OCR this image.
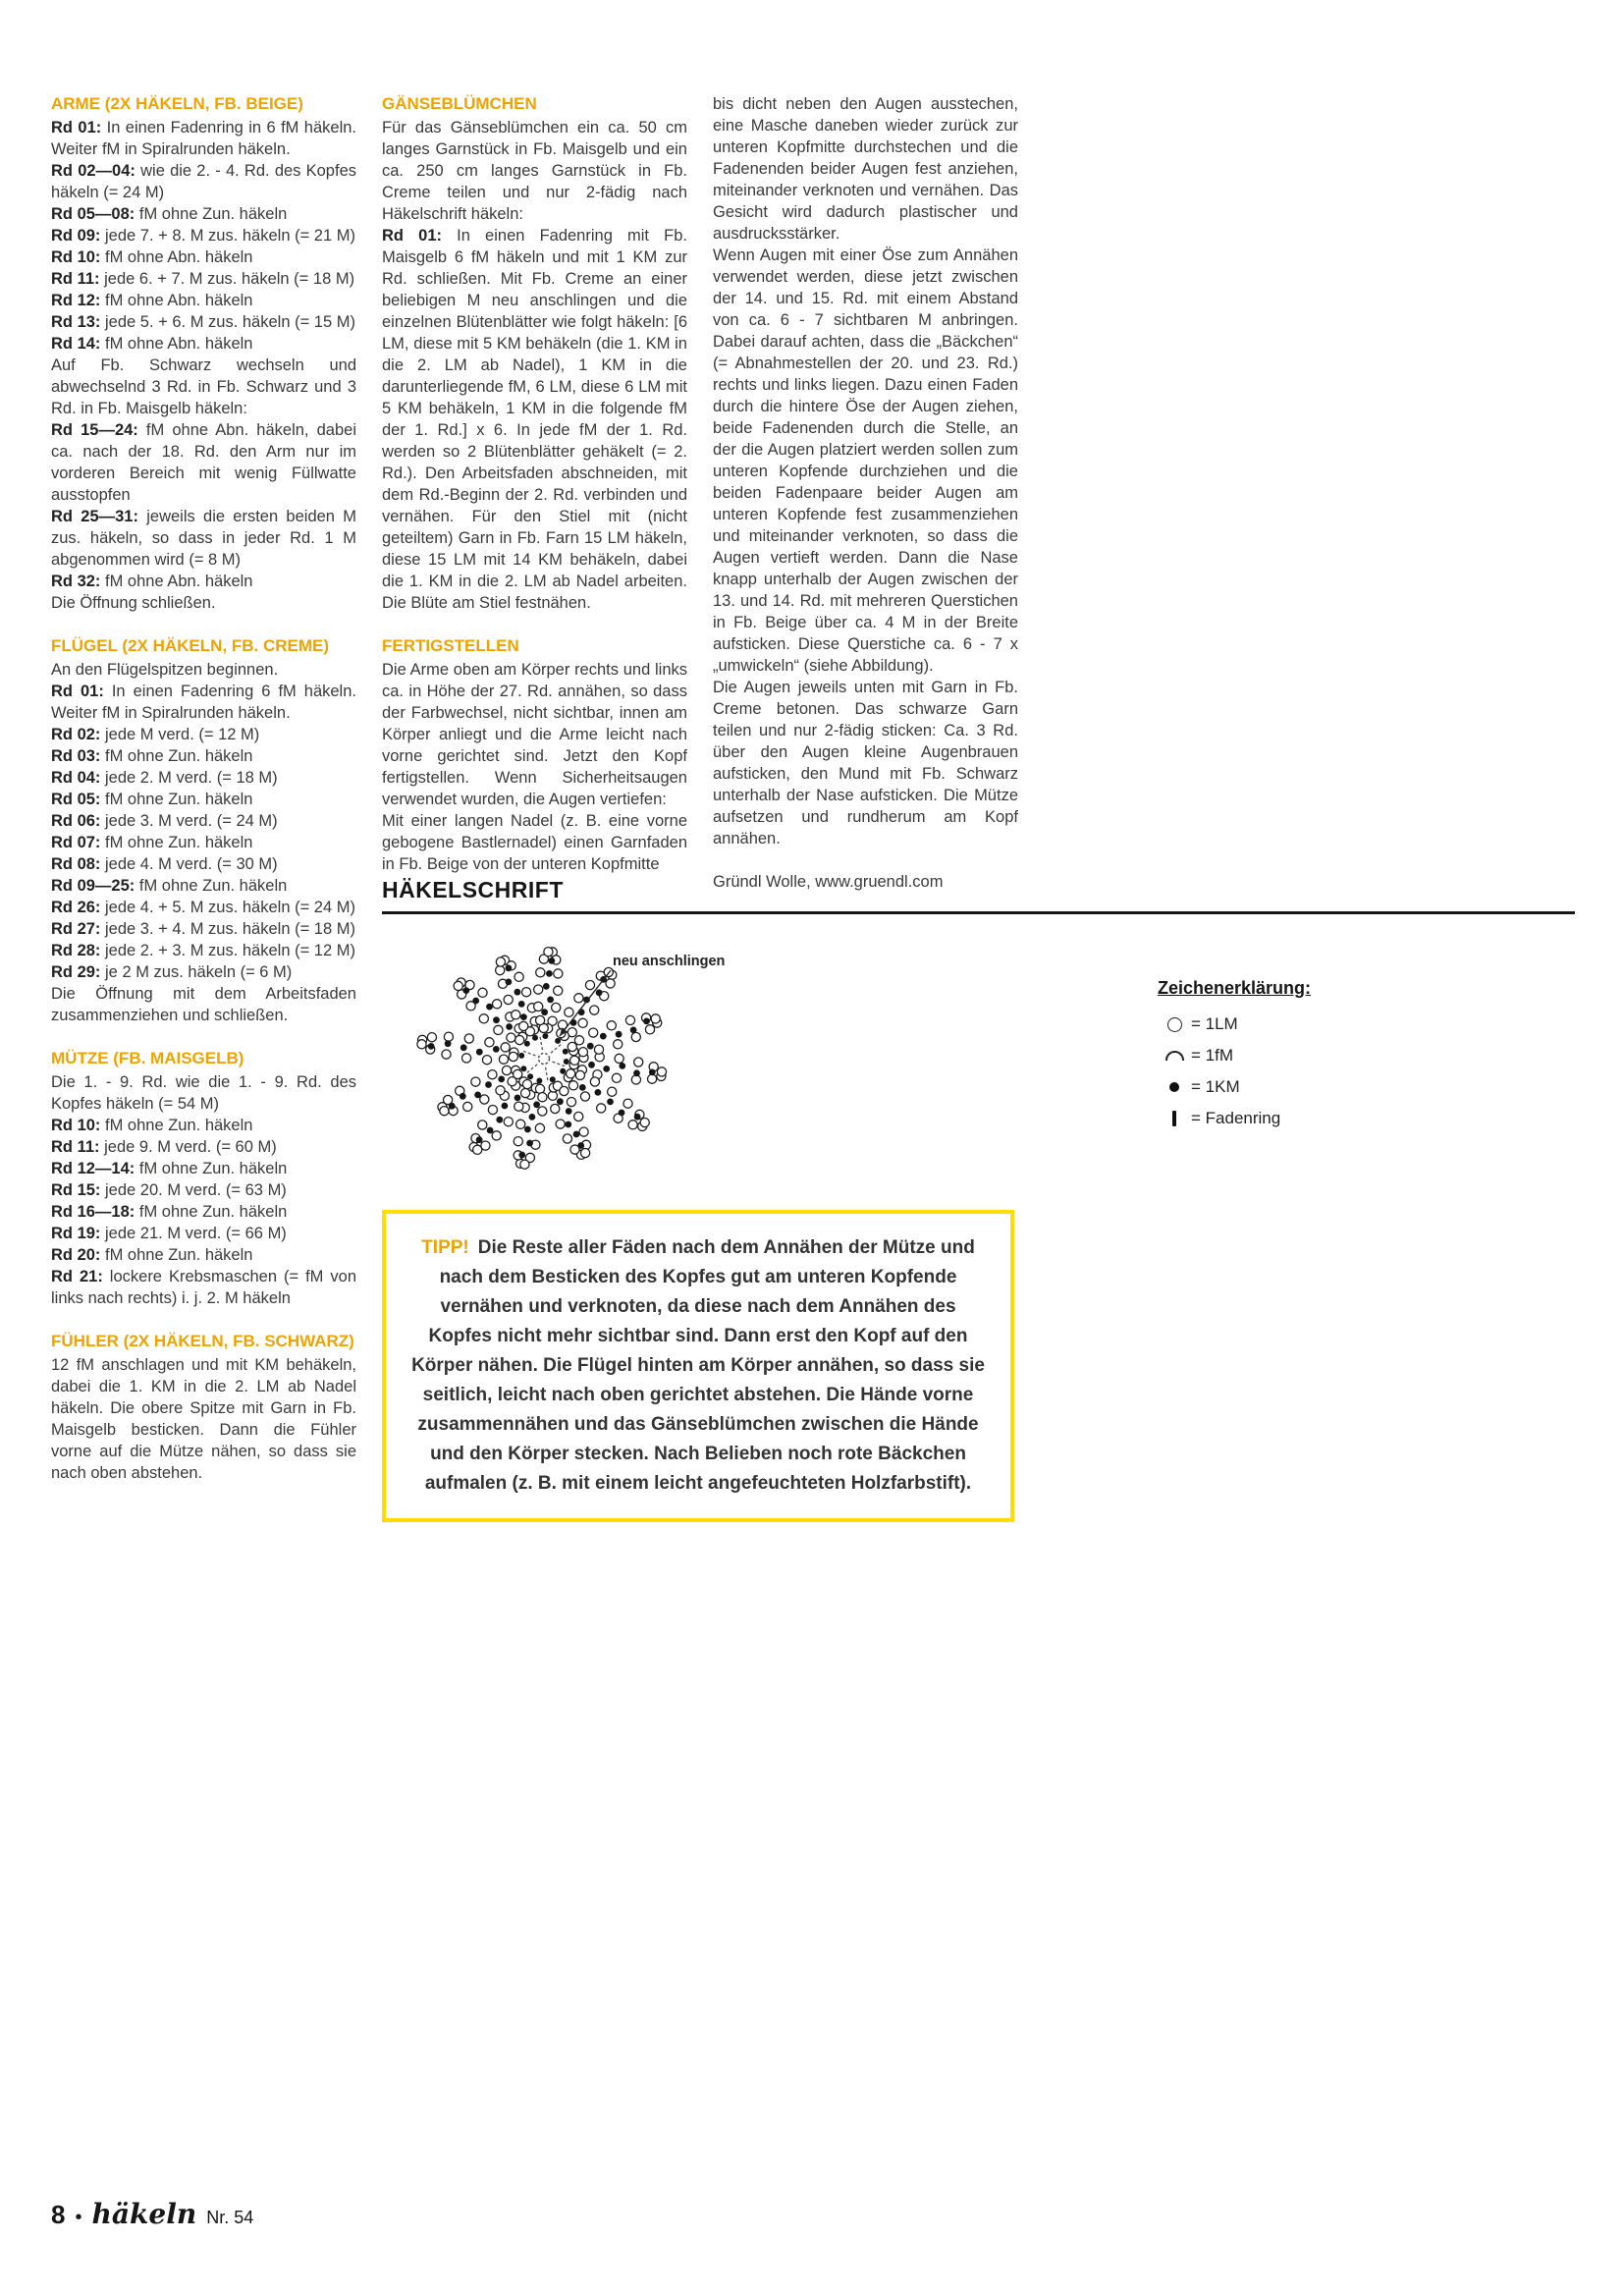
ARME (2X HÄKELN, FB. BEIGE)

Rd 01: In einen Fadenring in 6 fM häkeln. Weiter fM in Spiralrunden häkeln.

Rd 02—04: wie die 2. - 4. Rd. des Kopfes häkeln (= 24 M)

Rd 05—08: fM ohne Zun. häkeln

Rd 09: jede 7. + 8. M zus. häkeln (= 21 M)

Rd 10: fM ohne Abn. häkeln

Rd 11: jede 6. + 7. M zus. häkeln (= 18 M)

Rd 12: fM ohne Abn. häkeln

Rd 13: jede 5. + 6. M zus. häkeln (= 15 M)

Rd 14: fM ohne Abn. häkeln

Auf Fb. Schwarz wechseln und abwechselnd 3 Rd. in Fb. Schwarz und 3 Rd. in Fb. Maisgelb häkeln:

Rd 15—24: fM ohne Abn. häkeln, dabei ca. nach der 18. Rd. den Arm nur im vorderen Bereich mit wenig Füllwatte ausstopfen

Rd 25—31: jeweils die ersten beiden M zus. häkeln, so dass in jeder Rd. 1 M abgenommen wird (= 8 M)

Rd 32: fM ohne Abn. häkeln

Die Öffnung schließen.

FLÜGEL (2X HÄKELN, FB. CREME)

An den Flügelspitzen beginnen.

Rd 01: In einen Fadenring 6 fM häkeln. Weiter fM in Spiralrunden häkeln.

Rd 02: jede M verd. (= 12 M)

Rd 03: fM ohne Zun. häkeln

Rd 04: jede 2. M verd. (= 18 M)

Rd 05: fM ohne Zun. häkeln

Rd 06: jede 3. M verd. (= 24 M)

Rd 07: fM ohne Zun. häkeln

Rd 08: jede 4. M verd. (= 30 M)

Rd 09—25: fM ohne Zun. häkeln

Rd 26: jede 4. + 5. M zus. häkeln (= 24 M)

Rd 27: jede 3. + 4. M zus. häkeln (= 18 M)

Rd 28: jede 2. + 3. M zus. häkeln (= 12 M)

Rd 29: je 2 M zus. häkeln (= 6 M)

Die Öffnung mit dem Arbeitsfaden zusammenziehen und schließen.

MÜTZE (FB. MAISGELB)

Die 1. - 9. Rd. wie die 1. - 9. Rd. des Kopfes häkeln (= 54 M)

Rd 10: fM ohne Zun. häkeln

Rd 11: jede 9. M verd. (= 60 M)

Rd 12—14: fM ohne Zun. häkeln

Rd 15: jede 20. M verd. (= 63 M)

Rd 16—18: fM ohne Zun. häkeln

Rd 19: jede 21. M verd. (= 66 M)

Rd 20: fM ohne Zun. häkeln

Rd 21: lockere Krebsmaschen (= fM von links nach rechts) i. j. 2. M häkeln

FÜHLER (2X HÄKELN, FB. SCHWARZ)

12 fM anschlagen und mit KM behäkeln, dabei die 1. KM in die 2. LM ab Nadel häkeln. Die obere Spitze mit Garn in Fb. Maisgelb besticken. Dann die Fühler vorne auf die Mütze nähen, so dass sie nach oben abstehen.

GÄNSEBLÜMCHEN

Für das Gänseblümchen ein ca. 50 cm langes Garnstück in Fb. Maisgelb und ein ca. 250 cm langes Garnstück in Fb. Creme teilen und nur 2-fädig nach Häkelschrift häkeln:

Rd 01: In einen Fadenring mit Fb. Maisgelb 6 fM häkeln und mit 1 KM zur Rd. schließen. Mit Fb. Creme an einer beliebigen M neu anschlingen und die einzelnen Blütenblätter wie folgt häkeln: [6 LM, diese mit 5 KM behäkeln (die 1. KM in die 2. LM ab Nadel), 1 KM in die darunterliegende fM, 6 LM, diese 6 LM mit 5 KM behäkeln, 1 KM in die folgende fM der 1. Rd.] x 6. In jede fM der 1. Rd. werden so 2 Blütenblätter gehäkelt (= 2. Rd.). Den Arbeitsfaden abschneiden, mit dem Rd.-Beginn der 2. Rd. verbinden und vernähen. Für den Stiel mit (nicht geteiltem) Garn in Fb. Farn 15 LM häkeln, diese 15 LM mit 14 KM behäkeln, dabei die 1. KM in die 2. LM ab Nadel arbeiten. Die Blüte am Stiel festnähen.

FERTIGSTELLEN

Die Arme oben am Körper rechts und links ca. in Höhe der 27. Rd. annähen, so dass der Farbwechsel, nicht sichtbar, innen am Körper anliegt und die Arme leicht nach vorne gerichtet sind. Jetzt den Kopf fertigstellen. Wenn Sicherheitsaugen verwendet wurden, die Augen vertiefen:

Mit einer langen Nadel (z. B. eine vorne gebogene Bastlernadel) einen Garnfaden in Fb. Beige von der unteren Kopfmitte

bis dicht neben den Augen ausstechen, eine Masche daneben wieder zurück zur unteren Kopfmitte durchstechen und die Fadenenden beider Augen fest anziehen, miteinander verknoten und vernähen. Das Gesicht wird dadurch plastischer und ausdrucksstärker.

Wenn Augen mit einer Öse zum Annähen verwendet werden, diese jetzt zwischen der 14. und 15. Rd. mit einem Abstand von ca. 6 - 7 sichtbaren M anbringen. Dabei darauf achten, dass die „Bäckchen“ (= Abnahmestellen der 20. und 23. Rd.) rechts und links liegen. Dazu einen Faden durch die hintere Öse der Augen ziehen, beide Fadenenden durch die Stelle, an der die Augen platziert werden sollen zum unteren Kopfende durchziehen und die beiden Fadenpaare beider Augen am unteren Kopfende fest zusammenziehen und miteinander verknoten, so dass die Augen vertieft werden. Dann die Nase knapp unterhalb der Augen zwischen der 13. und 14. Rd. mit mehreren Querstichen in Fb. Beige über ca. 4 M in der Breite aufsticken. Diese Querstiche ca. 6 - 7 x „umwickeln“ (siehe Abbildung).

Die Augen jeweils unten mit Garn in Fb. Creme betonen. Das schwarze Garn teilen und nur 2-fädig sticken: Ca. 3 Rd. über den Augen kleine Augenbrauen aufsticken, den Mund mit Fb. Schwarz unterhalb der Nase aufsticken. Die Mütze aufsetzen und rundherum am Kopf annähen.

Gründl Wolle, www.gruendl.com

HÄKELSCHRIFT
neu anschlingen
Zeichenerklärung:
= 1LM
= 1fM
= 1KM
= Fadenring

TIPP! Die Reste aller Fäden nach dem Annähen der Mütze und nach dem Besticken des Kopfes gut am unteren Kopfende vernähen und verknoten, da diese nach dem Annähen des Kopfes nicht mehr sichtbar sind. Dann erst den Kopf auf den Körper nähen. Die Flügel hinten am Körper annähen, so dass sie seitlich, leicht nach oben gerichtet abstehen. Die Hände vorne zusammennähen und das Gänseblümchen zwischen die Hände und den Körper stecken. Nach Belieben noch rote Bäckchen aufmalen (z. B. mit einem leicht angefeuchteten Holzfarbstift).

8 • häkeln Nr. 54
